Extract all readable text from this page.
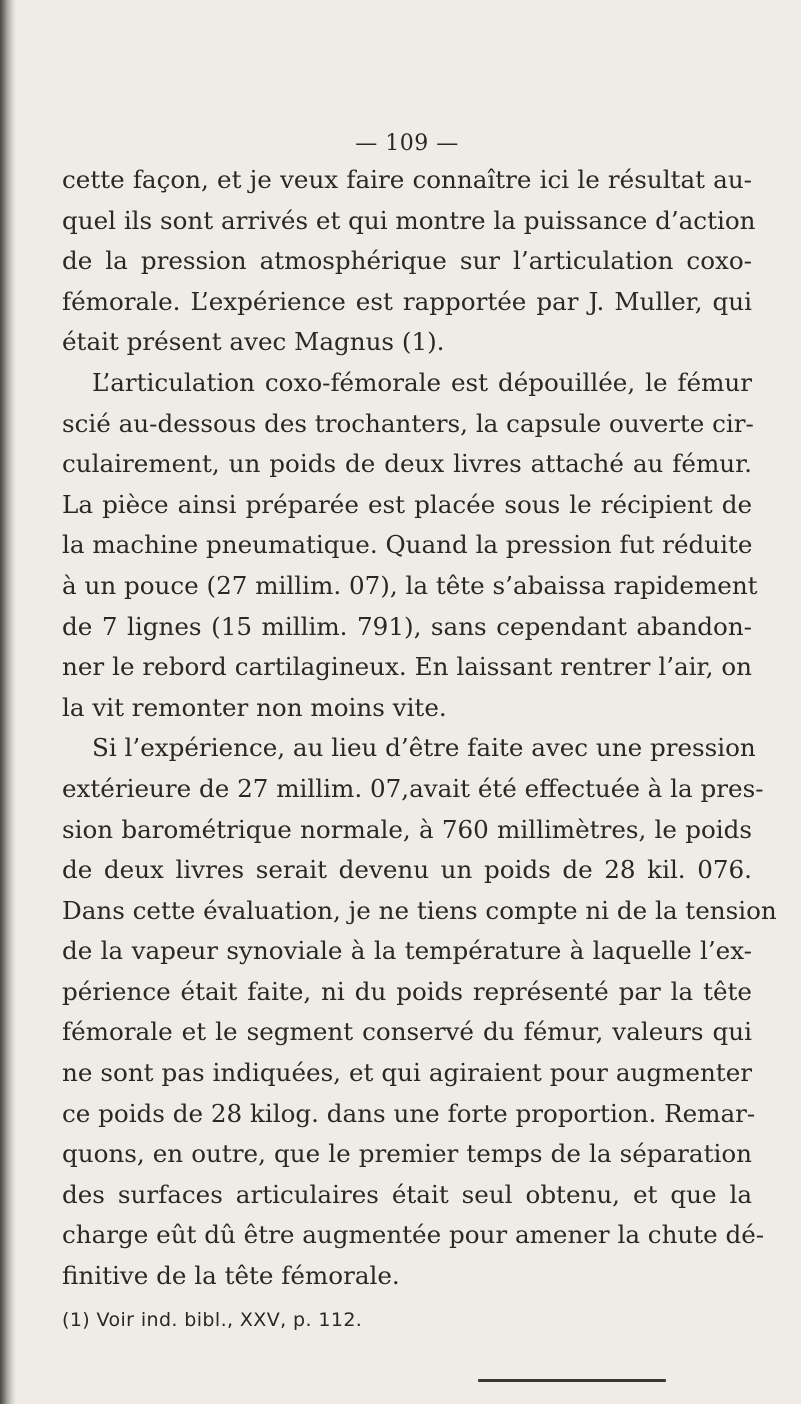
— 109 —
cette façon, et je veux faire connaître ici le résultat au-
quel ils sont arrivés et qui montre la puissance d’action
de la pression atmosphérique sur l’articulation coxo-
fémorale. L’expérience est rapportée par J. Muller, qui
était présent avec Magnus (1).
L’articulation coxo-fémorale est dépouillée, le fémur
scié au-dessous des trochanters, la capsule ouverte cir-
culairement, un poids de deux livres attaché au fémur.
La pièce ainsi préparée est placée sous le récipient de
la machine pneumatique. Quand la pression fut réduite
à un pouce (27 millim. 07), la tête s’abaissa rapidement
de 7 lignes (15 millim. 791), sans cependant abandon-
ner le rebord cartilagineux. En laissant rentrer l’air, on
la vit remonter non moins vite.
Si l’expérience, au lieu d’être faite avec une pression
extérieure de 27 millim. 07,avait été effectuée à la pres-
sion barométrique normale, à 760 millimètres, le poids
de deux livres serait devenu un poids de 28 kil. 076.
Dans cette évaluation, je ne tiens compte ni de la tension
de la vapeur synoviale à la température à laquelle l’ex-
périence était faite, ni du poids représenté par la tête
fémorale et le segment conservé du fémur, valeurs qui
ne sont pas indiquées, et qui agiraient pour augmenter
ce poids de 28 kilog. dans une forte proportion. Remar-
quons, en outre, que le premier temps de la séparation
des surfaces articulaires était seul obtenu, et que la
charge eût dû être augmentée pour amener la chute dé-
finitive de la tête fémorale.
(1) Voir ind. bibl., XXV, p. 112.
